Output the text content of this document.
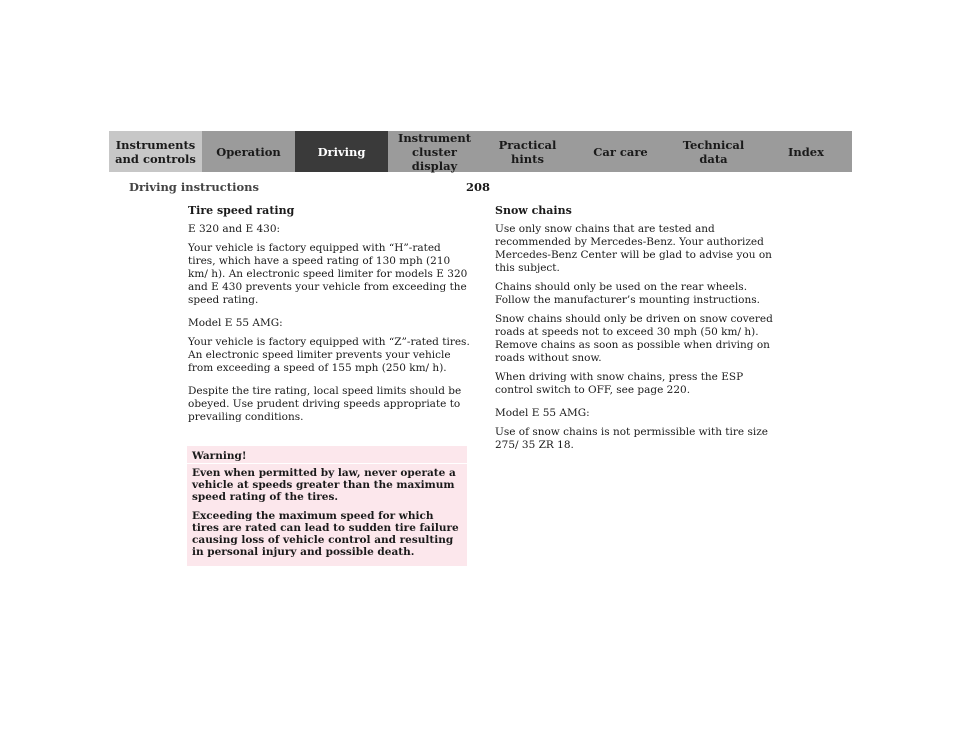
Instruments
and controls Operation	Driving
Instrument
cluster display
Practical hints	Car care	Technical
data	Index
Driving instructions	208

Tire speed rating

E 320 and E 430:

Your vehicle is factory equipped with “H”-rated tires, which have a speed rating of 130 mph (210 km/ h). An electronic speed limiter for models E 320 and E 430 prevents your vehicle from exceeding the speed rating.

Model E 55 AMG:

Your vehicle is factory equipped with “Z”-rated tires. An electronic speed limiter prevents your vehicle from exceeding a speed of 155 mph (250 km/ h).

Despite the tire rating, local speed limits should be obeyed. Use prudent driving speeds appropriate to prevailing conditions.

Warning!

Even when permitted by law, never operate a vehicle at speeds greater than the maximum speed rating of the tires.

Exceeding the maximum speed for which tires are rated can lead to sudden tire failure causing loss of vehicle control and resulting in personal injury and possible death.

Snow chains

Use only snow chains that are tested and recommended by Mercedes-Benz. Your authorized Mercedes-Benz Center will be glad to advise you on this subject.

Chains should only be used on the rear wheels. Follow the manufacturer’s mounting instructions.

Snow chains should only be driven on snow covered roads at speeds not to exceed 30 mph (50 km/ h). Remove chains as soon as possible when driving on roads without snow.

When driving with snow chains, press the ESP control switch to OFF, see page 220.

Model E 55 AMG:

Use of snow chains is not permissible with tire size 275/ 35 ZR 18.
